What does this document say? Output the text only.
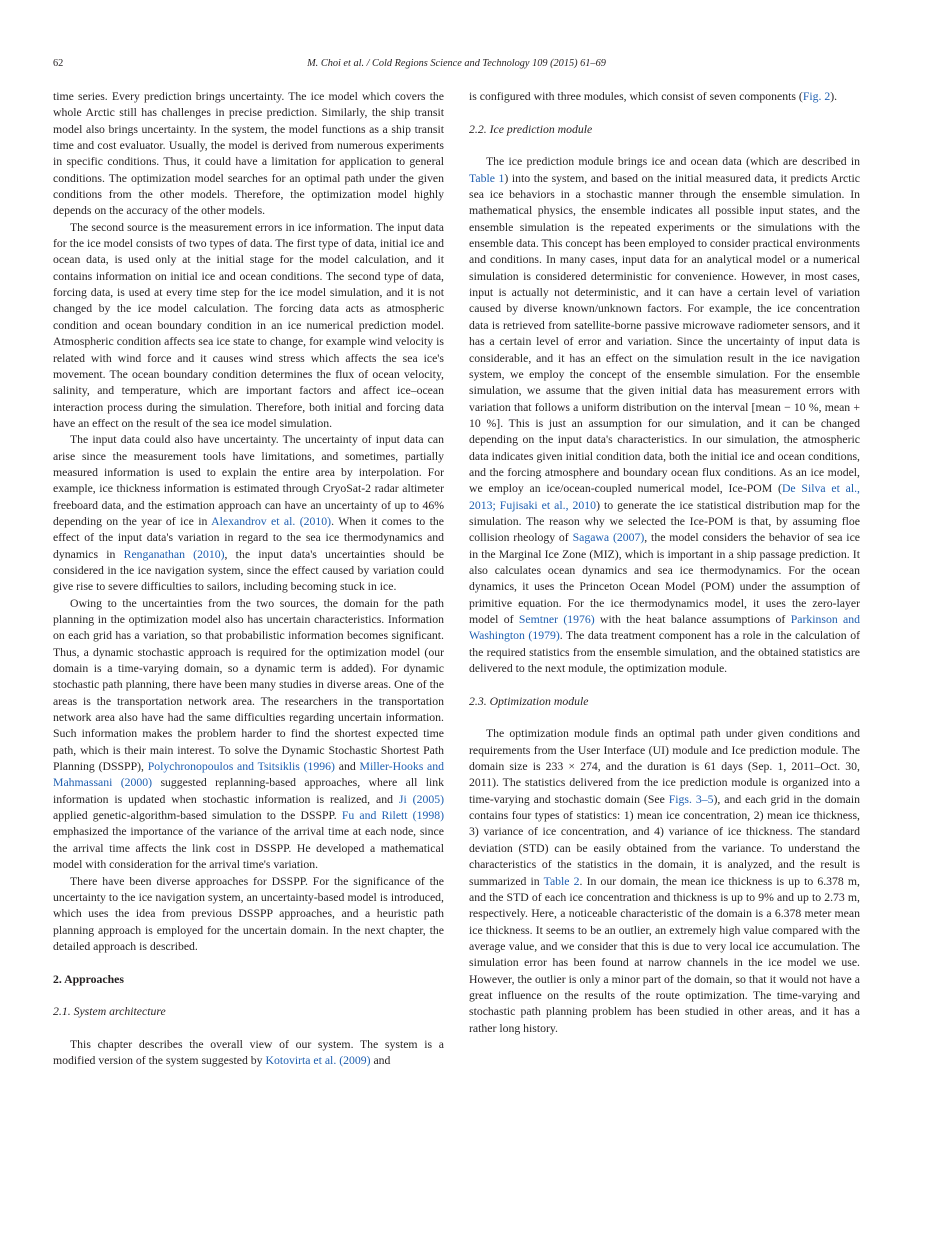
62	M. Choi et al. / Cold Regions Science and Technology 109 (2015) 61–69

time series. Every prediction brings uncertainty. The ice model which covers the whole Arctic still has challenges in precise prediction. Similarly, the ship transit model also brings uncertainty. In the system, the model functions as a ship transit time and cost evaluator. Usually, the model is derived from numerous experiments in specific conditions. Thus, it could have a limitation for application to general conditions. The optimization model searches for an optimal path under the given conditions from the other models. Therefore, the optimization model highly depends on the accuracy of the other models.

The second source is the measurement errors in ice information. The input data for the ice model consists of two types of data. The first type of data, initial ice and ocean data, is used only at the initial stage for the model calculation, and it contains information on initial ice and ocean conditions. The second type of data, forcing data, is used at every time step for the ice model simulation, and it is not changed by the ice model calculation. The forcing data acts as atmospheric condition and ocean boundary condition in an ice numerical prediction model. Atmospheric condition affects sea ice state to change, for example wind velocity is related with wind force and it causes wind stress which affects the sea ice's movement. The ocean boundary condition determines the flux of ocean velocity, salinity, and temperature, which are important factors and affect ice–ocean interaction process during the simulation. Therefore, both initial and forcing data have an effect on the result of the sea ice model simulation.

The input data could also have uncertainty. The uncertainty of input data can arise since the measurement tools have limitations, and sometimes, partially measured information is used to explain the entire area by interpolation. For example, ice thickness information is estimated through CryoSat-2 radar altimeter freeboard data, and the estimation approach can have an uncertainty of up to 46% depending on the year of ice in Alexandrov et al. (2010). When it comes to the effect of the input data's variation in regard to the sea ice thermodynamics and dynamics in Renganathan (2010), the input data's uncertainties should be considered in the ice navigation system, since the effect caused by variation could give rise to severe difficulties to sailors, including becoming stuck in ice.

Owing to the uncertainties from the two sources, the domain for the path planning in the optimization model also has uncertain characteristics. Information on each grid has a variation, so that probabilistic information becomes significant. Thus, a dynamic stochastic approach is required for the optimization model (our domain is a time-varying domain, so a dynamic term is added). For dynamic stochastic path planning, there have been many studies in diverse areas. One of the areas is the transportation network area. The researchers in the transportation network area also have had the same difficulties regarding uncertain information. Such information makes the problem harder to find the shortest expected time path, which is their main interest. To solve the Dynamic Stochastic Shortest Path Planning (DSSPP), Polychronopoulos and Tsitsiklis (1996) and Miller-Hooks and Mahmassani (2000) suggested replanning-based approaches, where all link information is updated when stochastic information is realized, and Ji (2005) applied genetic-algorithm-based simulation to the DSSPP. Fu and Rilett (1998) emphasized the importance of the variance of the arrival time at each node, since the arrival time affects the link cost in DSSPP. He developed a mathematical model with consideration for the arrival time's variation.

There have been diverse approaches for DSSPP. For the significance of the uncertainty to the ice navigation system, an uncertainty-based model is introduced, which uses the idea from previous DSSPP approaches, and a heuristic path planning approach is employed for the uncertain domain. In the next chapter, the detailed approach is described.

2. Approaches
2.1. System architecture

This chapter describes the overall view of our system. The system is a modified version of the system suggested by Kotovirta et al. (2009) and

is configured with three modules, which consist of seven components (Fig. 2).

2.2. Ice prediction module

The ice prediction module brings ice and ocean data (which are described in Table 1) into the system, and based on the initial measured data, it predicts Arctic sea ice behaviors in a stochastic manner through the ensemble simulation. In mathematical physics, the ensemble indicates all possible input states, and the ensemble simulation is the repeated experiments or the simulations with the ensemble data. This concept has been employed to consider practical environments and conditions. In many cases, input data for an analytical model or a numerical simulation is considered deterministic for convenience. However, in most cases, input is actually not deterministic, and it can have a certain level of variation caused by diverse known/unknown factors. For example, the ice concentration data is retrieved from satellite-borne passive microwave radiometer sensors, and it has a certain level of error and variation. Since the uncertainty of input data is considerable, and it has an effect on the simulation result in the ice navigation system, we employ the concept of the ensemble simulation. For the ensemble simulation, we assume that the given initial data has measurement errors with variation that follows a uniform distribution on the interval [mean − 10 %, mean + 10 %]. This is just an assumption for our simulation, and it can be changed depending on the input data's characteristics. In our simulation, the atmospheric data indicates given initial condition data, both the initial ice and ocean conditions, and the forcing atmosphere and boundary ocean flux conditions. As an ice model, we employ an ice/ocean-coupled numerical model, Ice-POM (De Silva et al., 2013; Fujisaki et al., 2010) to generate the ice statistical distribution map for the simulation. The reason why we selected the Ice-POM is that, by assuming floe collision rheology of Sagawa (2007), the model considers the behavior of sea ice in the Marginal Ice Zone (MIZ), which is important in a ship passage prediction. It also calculates ocean dynamics and sea ice thermodynamics. For the ocean dynamics, it uses the Princeton Ocean Model (POM) under the assumption of primitive equation. For the ice thermodynamics model, it uses the zero-layer model of Semtner (1976) with the heat balance assumptions of Parkinson and Washington (1979). The data treatment component has a role in the calculation of the required statistics from the ensemble simulation, and the obtained statistics are delivered to the next module, the optimization module.

2.3. Optimization module

The optimization module finds an optimal path under given conditions and requirements from the User Interface (UI) module and Ice prediction module. The domain size is 233 × 274, and the duration is 61 days (Sep. 1, 2011–Oct. 30, 2011). The statistics delivered from the ice prediction module is organized into a time-varying and stochastic domain (See Figs. 3–5), and each grid in the domain contains four types of statistics: 1) mean ice concentration, 2) mean ice thickness, 3) variance of ice concentration, and 4) variance of ice thickness. The standard deviation (STD) can be easily obtained from the variance. To understand the characteristics of the statistics in the domain, it is analyzed, and the result is summarized in Table 2. In our domain, the mean ice thickness is up to 6.378 m, and the STD of each ice concentration and thickness is up to 9% and up to 2.73 m, respectively. Here, a noticeable characteristic of the domain is a 6.378 meter mean ice thickness. It seems to be an outlier, an extremely high value compared with the average value, and we consider that this is due to very local ice accumulation. The simulation error has been found at narrow channels in the ice model we use. However, the outlier is only a minor part of the domain, so that it would not have a great influence on the results of the route optimization. The time-varying and stochastic path planning problem has been studied in other areas, and it has a rather long history.
